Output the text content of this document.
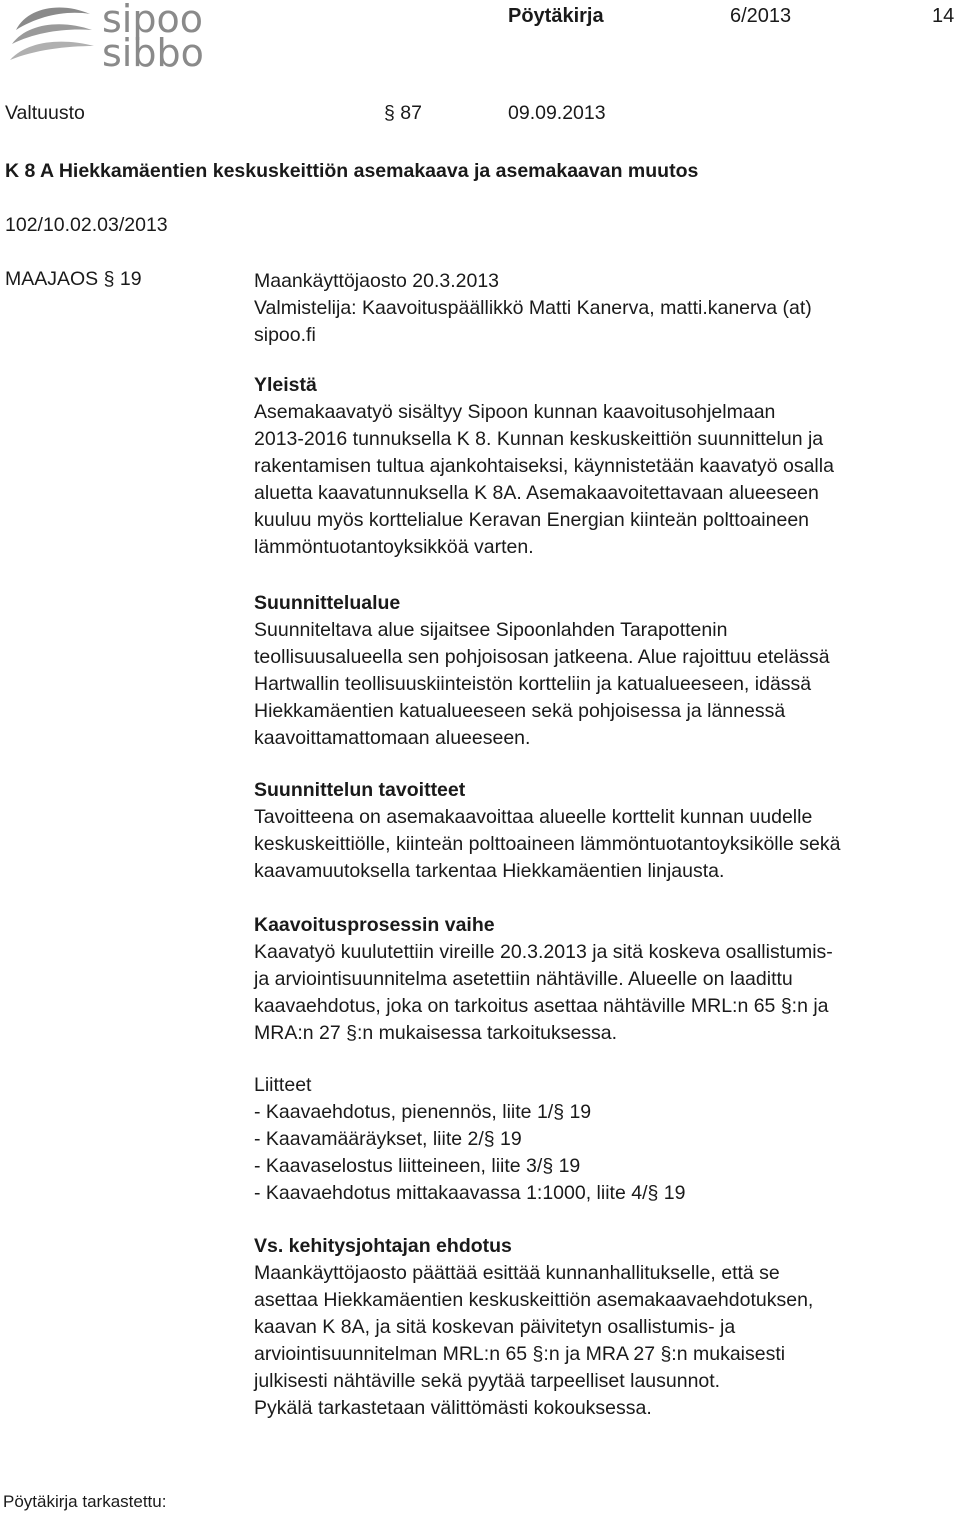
sipoo
sibbo
Pöytäkirja	6/2013	14
Valtuusto	§ 87	09.09.2013
K 8 A Hiekkamäentien keskuskeittiön asemakaava ja asemakaavan muutos
102/10.02.03/2013
MAAJAOS § 19	Maankäyttöjaosto 20.3.2013
Valmistelija: Kaavoituspäällikkö Matti Kanerva, matti.kanerva (at)
sipoo.fi
Yleistä
Asemakaavatyö sisältyy Sipoon kunnan kaavoitusohjelmaan
2013-2016 tunnuksella K 8. Kunnan keskuskeittiön suunnittelun ja
rakentamisen tultua ajankohtaiseksi, käynnistetään kaavatyö osalla
aluetta kaavatunnuksella K 8A. Asemakaavoitettavaan alueeseen
kuuluu myös korttelialue Keravan Energian kiinteän polttoaineen
lämmöntuotantoyksikköä varten.
Suunnittelualue
Suunniteltava alue sijaitsee Sipoonlahden Tarapottenin
teollisuusalueella sen pohjoisosan jatkeena. Alue rajoittuu etelässä
Hartwallin teollisuuskiinteistön kortteliin ja katualueeseen, idässä
Hiekkamäentien katualueeseen sekä pohjoisessa ja lännessä
kaavoittamattomaan alueeseen.
Suunnittelun tavoitteet
Tavoitteena on asemakaavoittaa alueelle korttelit kunnan uudelle
keskuskeittiölle, kiinteän polttoaineen lämmöntuotantoyksikölle sekä
kaavamuutoksella tarkentaa Hiekkamäentien linjausta.
Kaavoitusprosessin vaihe
Kaavatyö kuulutettiin vireille 20.3.2013 ja sitä koskeva osallistumis-
ja arviointisuunnitelma asetettiin nähtäville. Alueelle on laadittu
kaavaehdotus, joka on tarkoitus asettaa nähtäville MRL:n 65 §:n ja
MRA:n 27 §:n mukaisessa tarkoituksessa.
Liitteet
- Kaavaehdotus, pienennös, liite 1/§ 19
- Kaavamääräykset, liite 2/§ 19
- Kaavaselostus liitteineen, liite 3/§ 19
- Kaavaehdotus mittakaavassa 1:1000, liite 4/§ 19
Vs. kehitysjohtajan ehdotus
Maankäyttöjaosto päättää esittää kunnanhallitukselle, että se
asettaa Hiekkamäentien keskuskeittiön asemakaavaehdotuksen,
kaavan K 8A, ja sitä koskevan päivitetyn osallistumis- ja
arviointisuunnitelman MRL:n 65 §:n ja MRA 27 §:n mukaisesti
julkisesti nähtäville sekä pyytää tarpeelliset lausunnot.
Pykälä tarkastetaan välittömästi kokouksessa.
Pöytäkirja tarkastettu:
